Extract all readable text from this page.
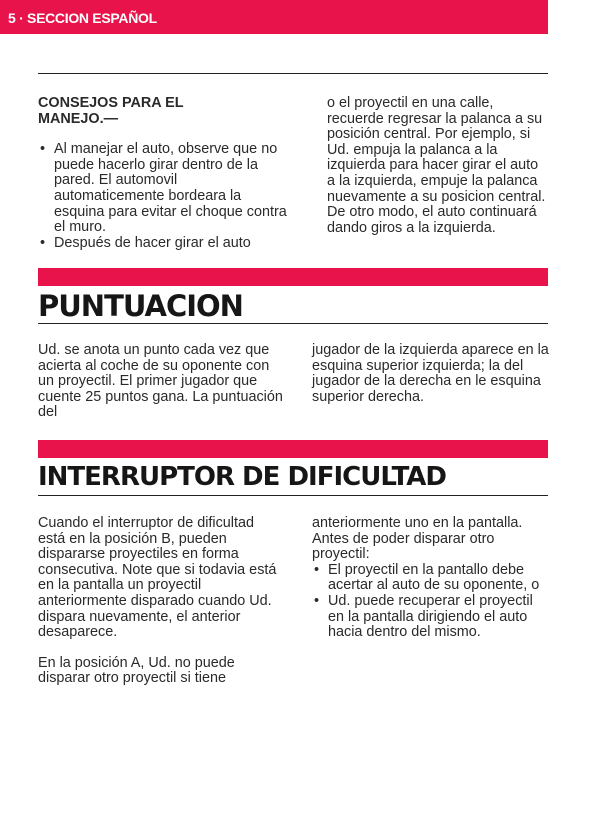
5 · SECCION ESPAÑOL

CONSEJOS PARA EL

MANEJO.—

• Al manejar el auto, observe que no puede hacerlo girar dentro de la pared. El automovil automaticemente bordeara la esquina para evitar el choque contra el muro.
• Después de hacer girar el auto

o el proyectil en una calle, recuerde regresar la palanca a su posición central. Por ejemplo, si Ud. empuja la palanca a la izquierda para hacer girar el auto a la izquierda, empuje la palanca nuevamente a su posicion central. De otro modo, el auto continuará dando giros a la izquierda.

PUNTUACION

Ud. se anota un punto cada vez que acierta al coche de su oponente con un proyectil. El primer jugador que cuente 25 puntos gana. La puntuación del

jugador de la izquierda aparece en la esquina superior izquierda; la del jugador de la derecha en le esquina superior derecha.

INTERRUPTOR DE DIFICULTAD

Cuando el interruptor de dificultad está en la posición B, pueden dispararse proyectiles en forma consecutiva. Note que si todavia está en la pantalla un proyectil anteriormente disparado cuando Ud. dispara nuevamente, el anterior desaparece.

En la posición A, Ud. no puede disparar otro proyectil si tiene

anteriormente uno en la pantalla. Antes de poder disparar otro proyectil:

• El proyectil en la pantallo debe acertar al auto de su oponente, o
• Ud. puede recuperar el proyectil en la pantalla dirigiendo el auto hacia dentro del mismo.
